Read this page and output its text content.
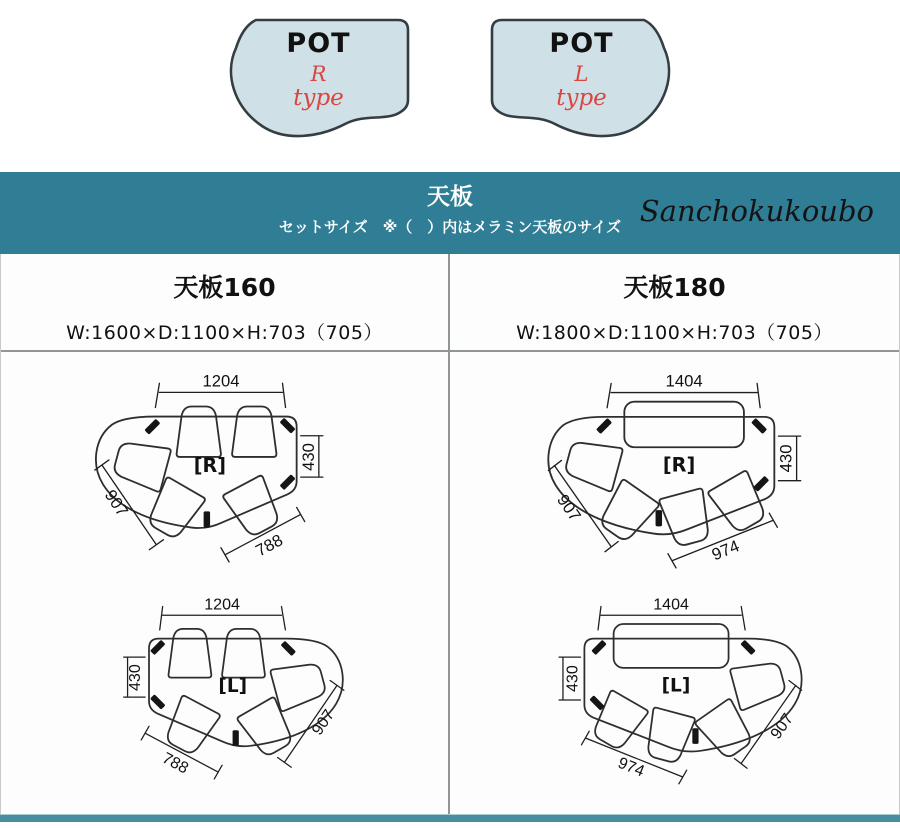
POT
R
type
POT
L
type
天板
セットサイズ　※（　）内はメラミン天板のサイズ Sanchokukoubo
天板160
W:1600×D:1100×H:703（705）
天板180
W:1800×D:1100×H:703（705）
1204
430
907
788
[R]
1404
430
907
974
[R]
1204
430
907
788
[L]
1404
430
907
974
[L]
